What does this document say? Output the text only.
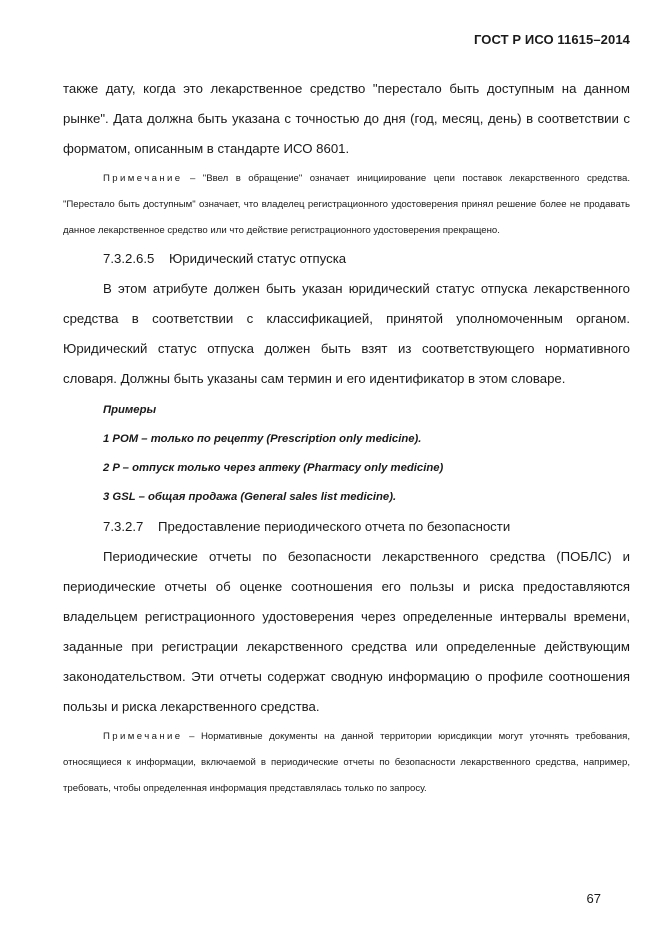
ГОСТ Р ИСО 11615–2014

также дату, когда это лекарственное средство "перестало быть доступным на данном рынке". Дата должна быть указана с точностью до дня (год, месяц, день) в соответствии с форматом, описанным в стандарте ИСО 8601.

Примечание – "Ввел в обращение" означает инициирование цепи поставок лекарственного средства. "Перестало быть доступным" означает, что владелец регистрационного удостоверения принял решение более не продавать данное лекарственное средство или что действие регистрационного удостоверения прекращено.

7.3.2.6.5 Юридический статус отпуска

В этом атрибуте должен быть указан юридический статус отпуска лекарственного средства в соответствии с классификацией, принятой уполномоченным органом. Юридический статус отпуска должен быть взят из соответствующего нормативного словаря. Должны быть указаны сам термин и его идентификатор в этом словаре.

Примеры

1 POM – только по рецепту (Prescription only medicine).

2 P – отпуск только через аптеку (Pharmacy only medicine)

3 GSL – общая продажа (General sales list medicine).

7.3.2.7 Предоставление периодического отчета по безопасности

Периодические отчеты по безопасности лекарственного средства (ПОБЛС) и периодические отчеты об оценке соотношения его пользы и риска предоставляются владельцем регистрационного удостоверения через определенные интервалы времени, заданные при регистрации лекарственного средства или определенные действующим законодательством. Эти отчеты содержат сводную информацию о профиле соотношения пользы и риска лекарственного средства.

Примечание – Нормативные документы на данной территории юрисдикции могут уточнять требования, относящиеся к информации, включаемой в периодические отчеты по безопасности лекарственного средства, например, требовать, чтобы определенная информация представлялась только по запросу.

67
